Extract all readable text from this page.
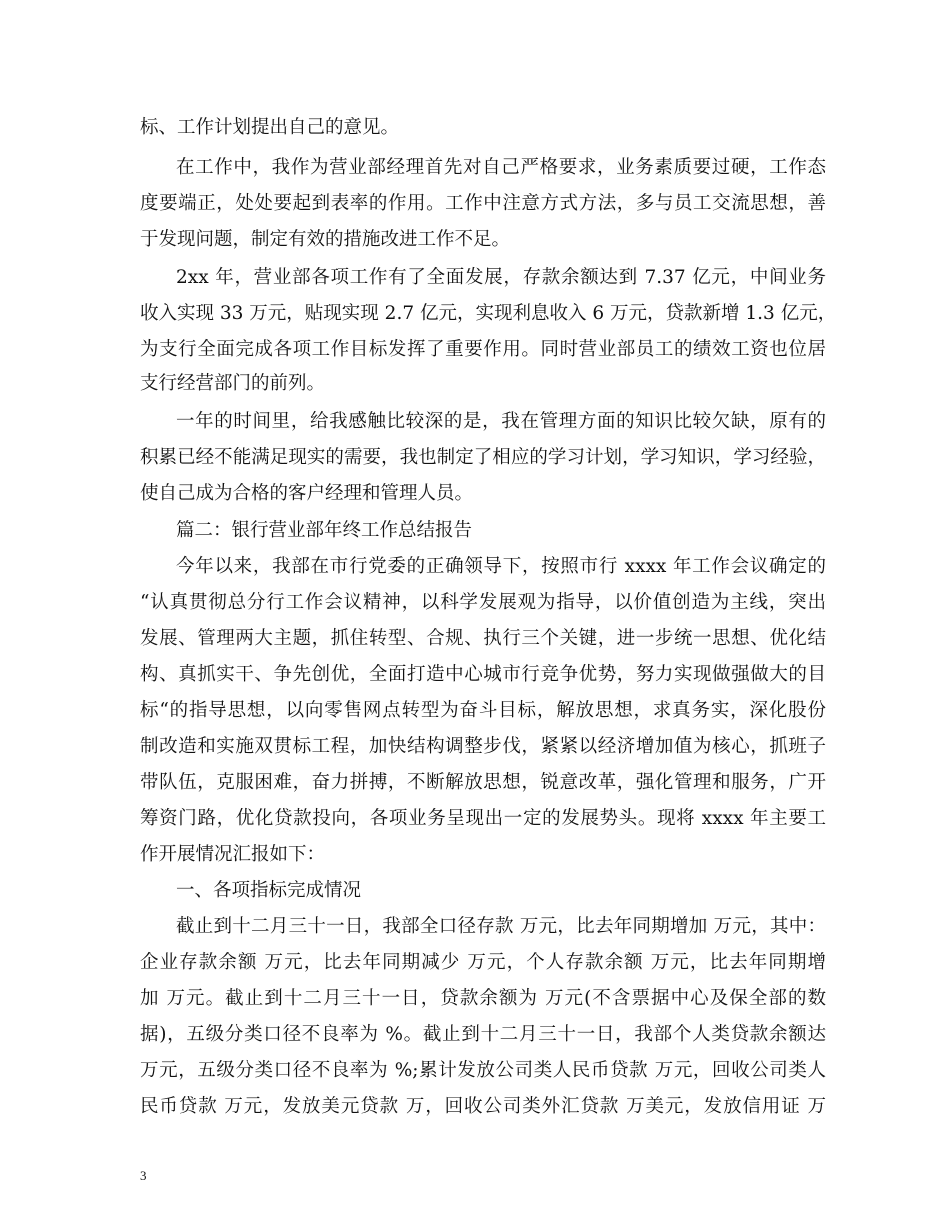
标、工作计划提出自己的意见。
在工作中，我作为营业部经理首先对自己严格要求，业务素质要过硬，工作态
度要端正，处处要起到表率的作用。工作中注意方式方法，多与员工交流思想，善
于发现问题，制定有效的措施改进工作不足。
2xx 年，营业部各项工作有了全面发展，存款余额达到 7.37 亿元，中间业务
收入实现 33 万元，贴现实现 2.7 亿元，实现利息收入 6 万元，贷款新增 1.3 亿元，
为支行全面完成各项工作目标发挥了重要作用。同时营业部员工的绩效工资也位居
支行经营部门的前列。
一年的时间里，给我感触比较深的是，我在管理方面的知识比较欠缺，原有的
积累已经不能满足现实的需要，我也制定了相应的学习计划，学习知识，学习经验，
使自己成为合格的客户经理和管理人员。
篇二：银行营业部年终工作总结报告
今年以来，我部在市行党委的正确领导下，按照市行 xxxx 年工作会议确定的
“认真贯彻总分行工作会议精神，以科学发展观为指导，以价值创造为主线，突出
发展、管理两大主题，抓住转型、合规、执行三个关键，进一步统一思想、优化结
构、真抓实干、争先创优，全面打造中心城市行竞争优势，努力实现做强做大的目
标“的指导思想，以向零售网点转型为奋斗目标，解放思想，求真务实，深化股份
制改造和实施双贯标工程，加快结构调整步伐，紧紧以经济增加值为核心，抓班子
带队伍，克服困难，奋力拼搏，不断解放思想，锐意改革，强化管理和服务，广开
筹资门路，优化贷款投向，各项业务呈现出一定的发展势头。现将 xxxx 年主要工
作开展情况汇报如下：
一、各项指标完成情况
截止到十二月三十一日，我部全口径存款 万元，比去年同期增加 万元，其中：
企业存款余额 万元，比去年同期减少 万元，个人存款余额 万元，比去年同期增
加 万元。截止到十二月三十一日，贷款余额为 万元(不含票据中心及保全部的数
据)，五级分类口径不良率为 %。截止到十二月三十一日，我部个人类贷款余额达
万元，五级分类口径不良率为 %;累计发放公司类人民币贷款 万元，回收公司类人
民币贷款 万元，发放美元贷款 万，回收公司类外汇贷款 万美元，发放信用证 万
3
